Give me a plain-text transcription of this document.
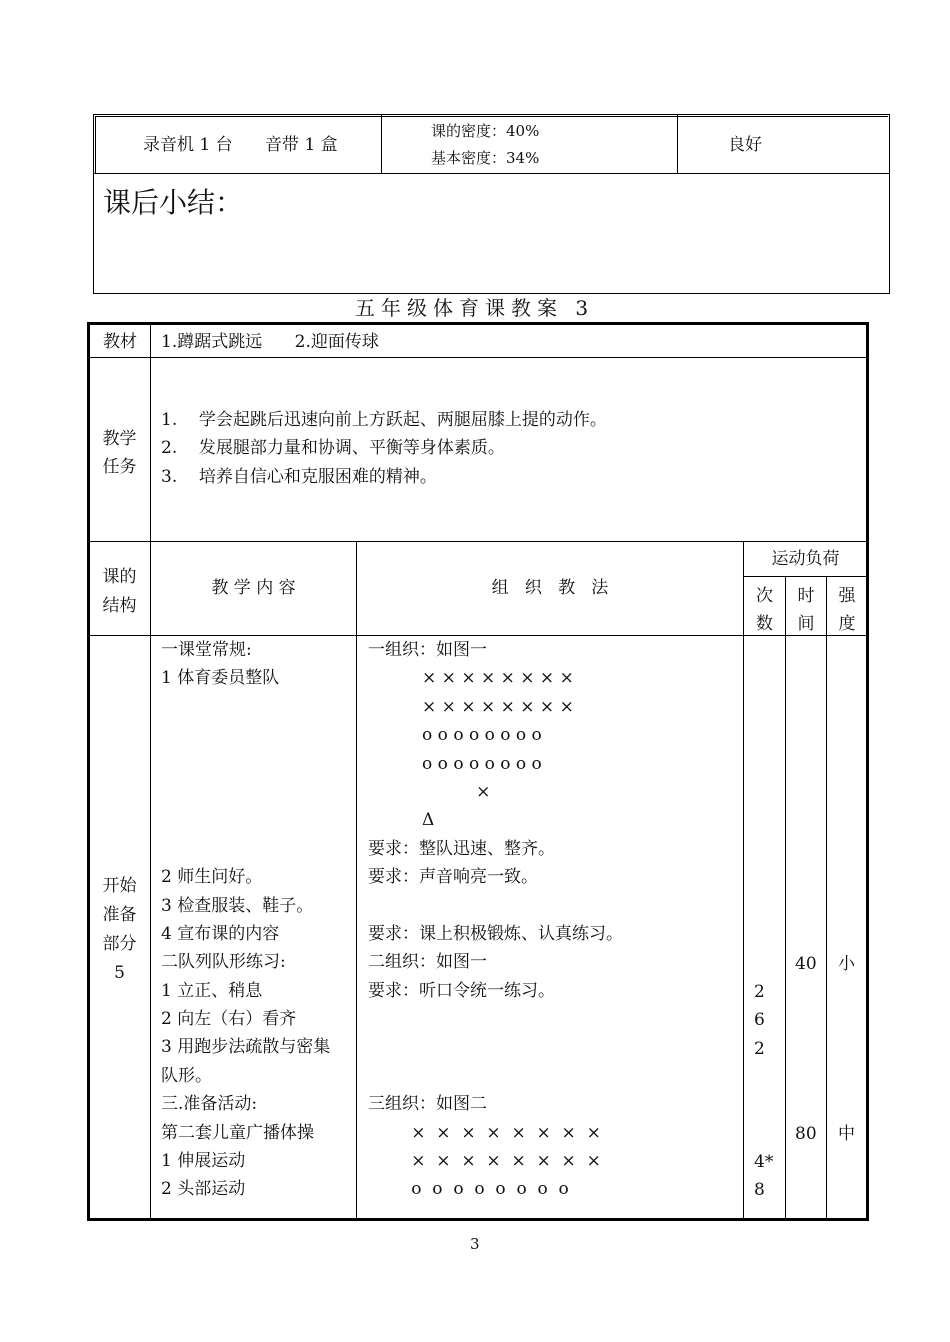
录音机 1 台      音带 1 盒
课的密度：40%
基本密度：34%
良好
课后小结：
五年级体育课教案 3
教材 1.蹲踞式跳远      2.迎面传球
教学
任务
1.    学会起跳后迅速向前上方跃起、两腿屈膝上提的动作。
2.    发展腿部力量和协调、平衡等身体素质。
3.    培养自信心和克服困难的精神。
课的
结构
教 学 内 容	组   织   教   法
运动负荷
次
数
时
间
强
度
开始
准备
部分
5
一课堂常规:
1 体育委员整队
2 师生问好。
3 检查服装、鞋子。
4 宣布课的内容
二队列队形练习:
1 立正、稍息
2 向左（右）看齐
3 用跑步法疏散与密集
队形。
三.准备活动:
第二套儿童广播体操
1 伸展运动
2 头部运动
一组织：如图一
× × × × × × × ×
× × × × × × × ×
o o o o o o o o
o o o o o o o o
×
Δ
要求：整队迅速、整齐。
要求：声音响亮一致。
要求：课上积极锻炼、认真练习。
二组织：如图一
要求：听口令统一练习。
三组织：如图二
×  ×  ×  ×  ×  ×  ×  ×
×  ×  ×  ×  ×  ×  ×  ×
o  o  o  o  o  o  o  o
2
6
2
4*
8
40
80
小
中
3
